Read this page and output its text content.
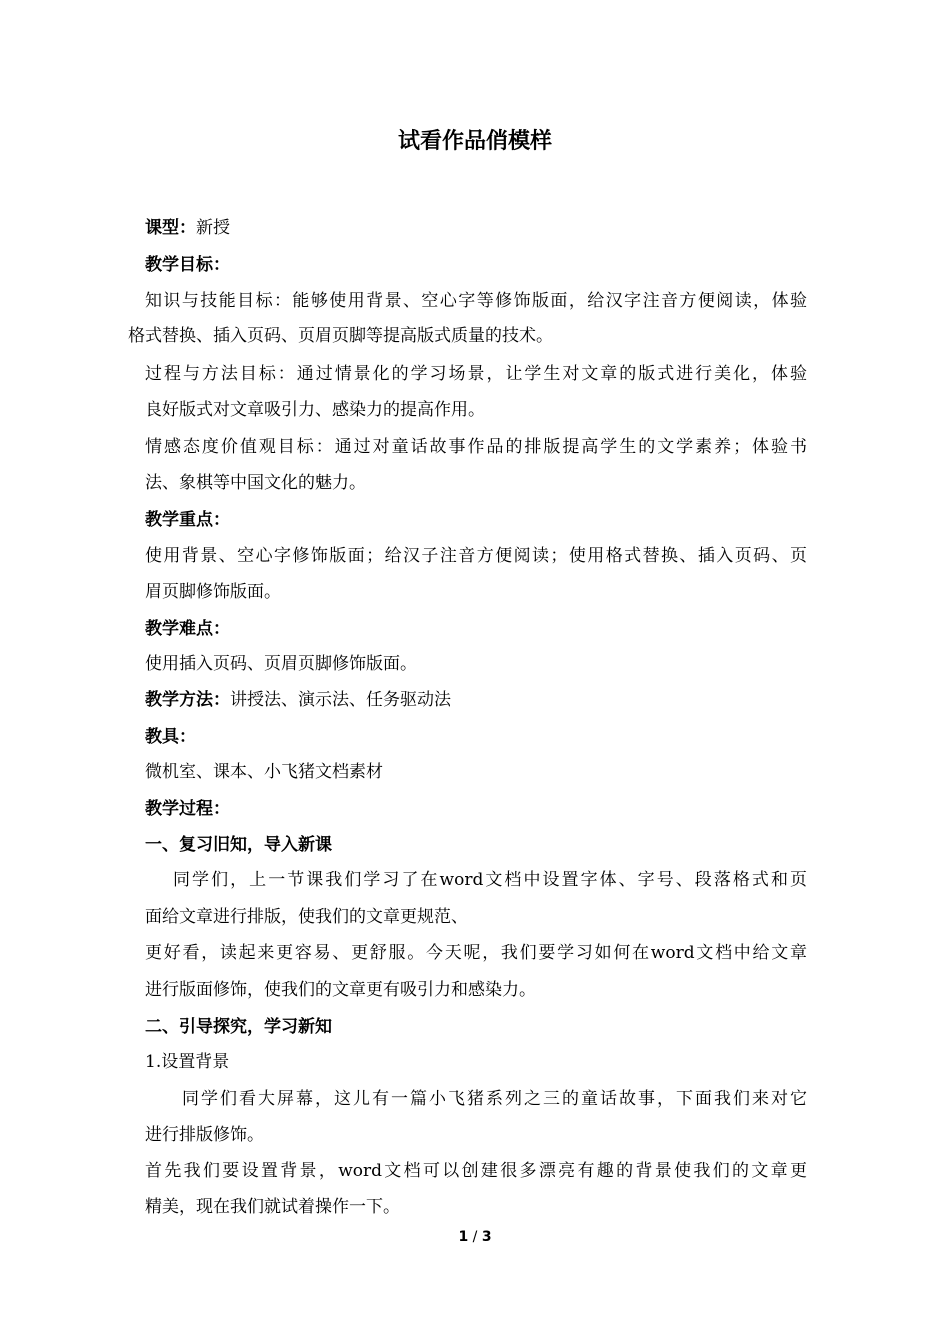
试看作品俏模样
课型：新授
教学目标：
知识与技能目标：能够使用背景、空心字等修饰版面，给汉字注音方便阅读，体验
格式替换、插入页码、页眉页脚等提高版式质量的技术。
过程与方法目标：通过情景化的学习场景，让学生对文章的版式进行美化，体验
良好版式对文章吸引力、感染力的提高作用。
情感态度价值观目标：通过对童话故事作品的排版提高学生的文学素养；体验书
法、象棋等中国文化的魅力。
教学重点：
使用背景、空心字修饰版面；给汉子注音方便阅读；使用格式替换、插入页码、页
眉页脚修饰版面。
教学难点：
使用插入页码、页眉页脚修饰版面。
教学方法：讲授法、演示法、任务驱动法
教具：
微机室、课本、小飞猪文档素材
教学过程：
一、复习旧知，导入新课
同学们，上一节课我们学习了在word文档中设置字体、字号、段落格式和页
面给文章进行排版，使我们的文章更规范、
更好看，读起来更容易、更舒服。今天呢，我们要学习如何在word文档中给文章
进行版面修饰，使我们的文章更有吸引力和感染力。
二、引导探究，学习新知
1.设置背景
同学们看大屏幕，这儿有一篇小飞猪系列之三的童话故事，下面我们来对它
进行排版修饰。
首先我们要设置背景，word文档可以创建很多漂亮有趣的背景使我们的文章更
精美，现在我们就试着操作一下。
1 / 3
